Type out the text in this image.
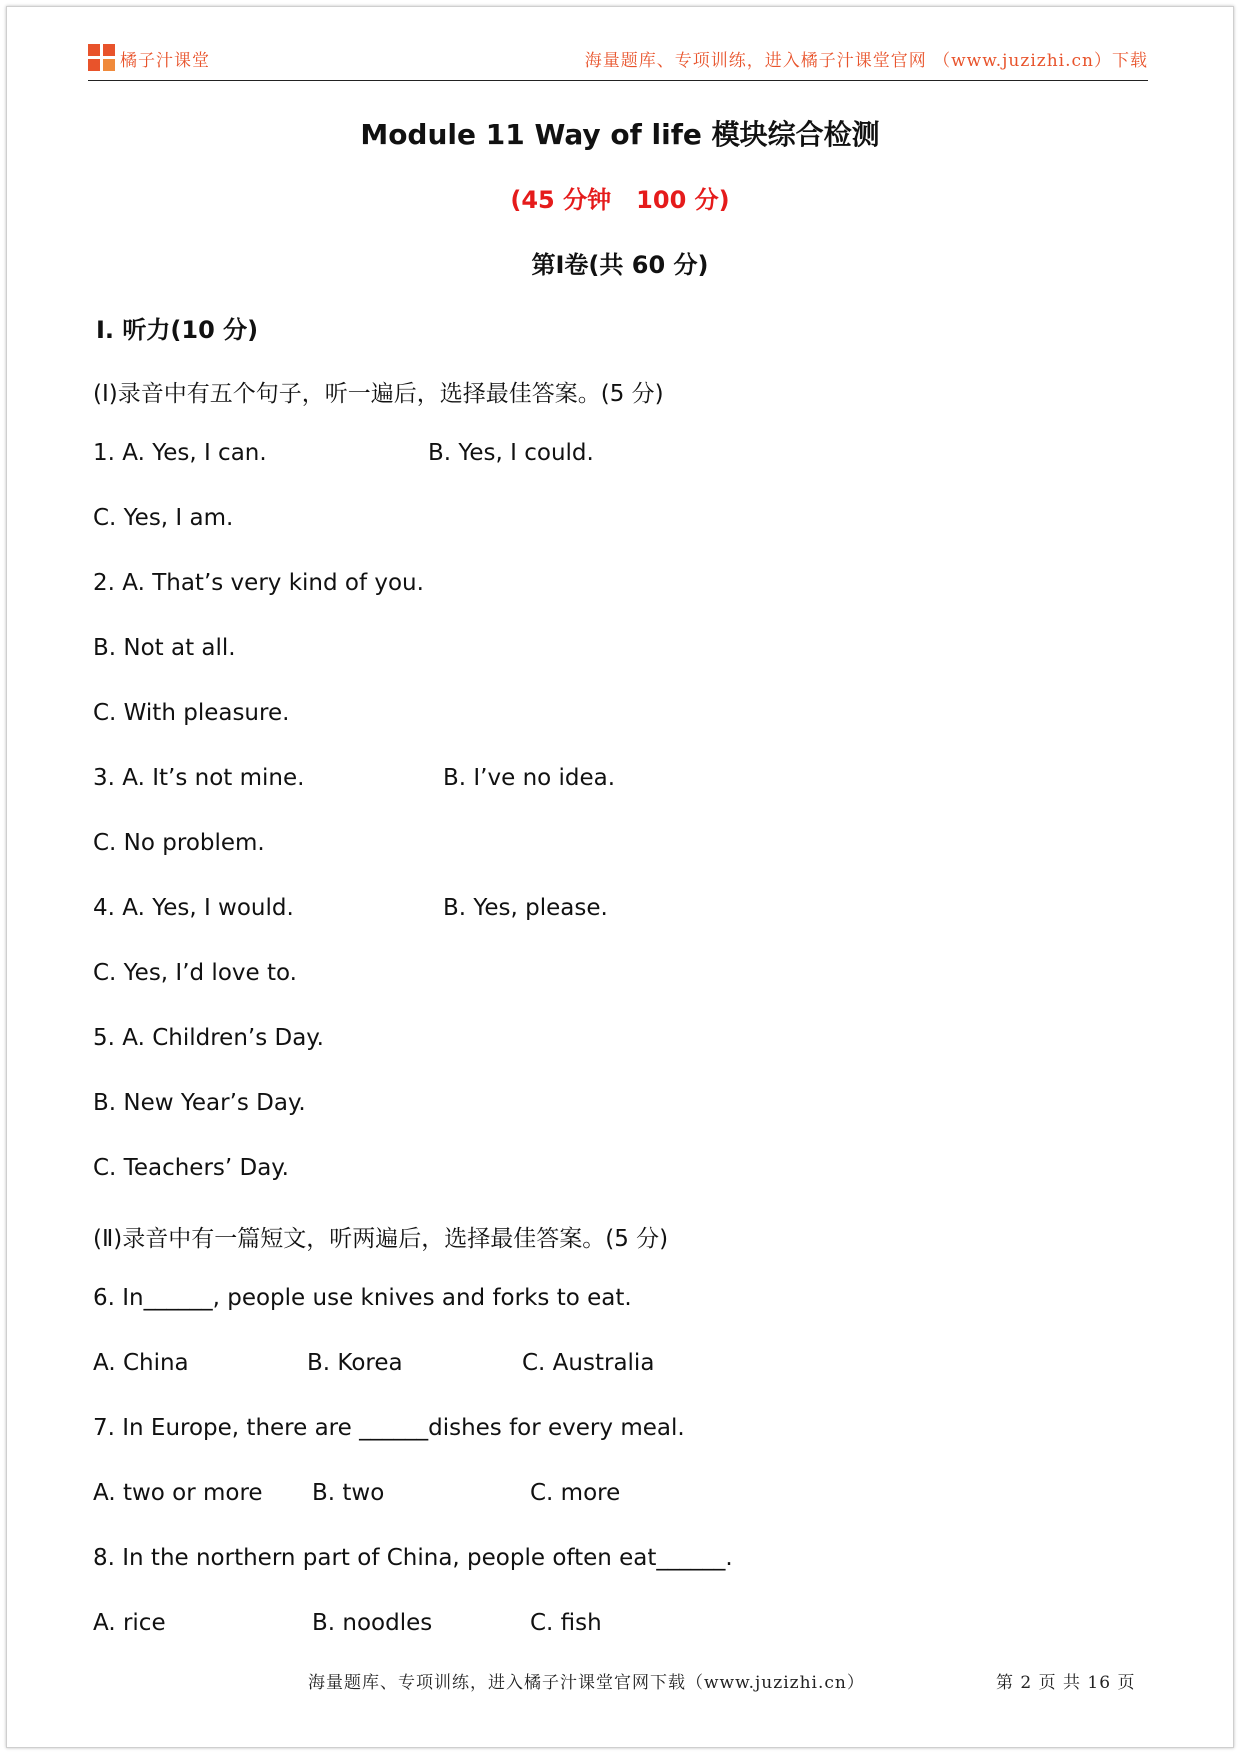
橘子汁课堂	海量题库、专项训练，进入橘子汁课堂官网 （www.juzizhi.cn）下载
Module 11 Way of life 模块综合检测
(45 分钟   100 分)
第Ⅰ卷(共 60 分)
Ⅰ. 听力(10 分)
(Ⅰ)录音中有五个句子，听一遍后，选择最佳答案。(5 分)
1. A. Yes, I can.	B. Yes, I could.
C. Yes, I am.
2. A. That’s very kind of you.
B. Not at all.
C. With pleasure.
3. A. It’s not mine.	B. I’ve no idea.
C. No problem.
4. A. Yes, I would.	B. Yes, please.
C. Yes, I’d love to.
5. A. Children’s Day.
B. New Year’s Day.
C. Teachers’ Day.
(Ⅱ)录音中有一篇短文，听两遍后，选择最佳答案。(5 分)
6. In______, people use knives and forks to eat.
A. China	B. Korea	C. Australia
7. In Europe, there are ______dishes for every meal.
A. two or more B. two	C. more
8. In the northern part of China, people often eat______.
A. rice	B. noodles	C. fish
海量题库、专项训练，进入橘子汁课堂官网下载（www.juzizhi.cn）	第 2 页 共 16 页
